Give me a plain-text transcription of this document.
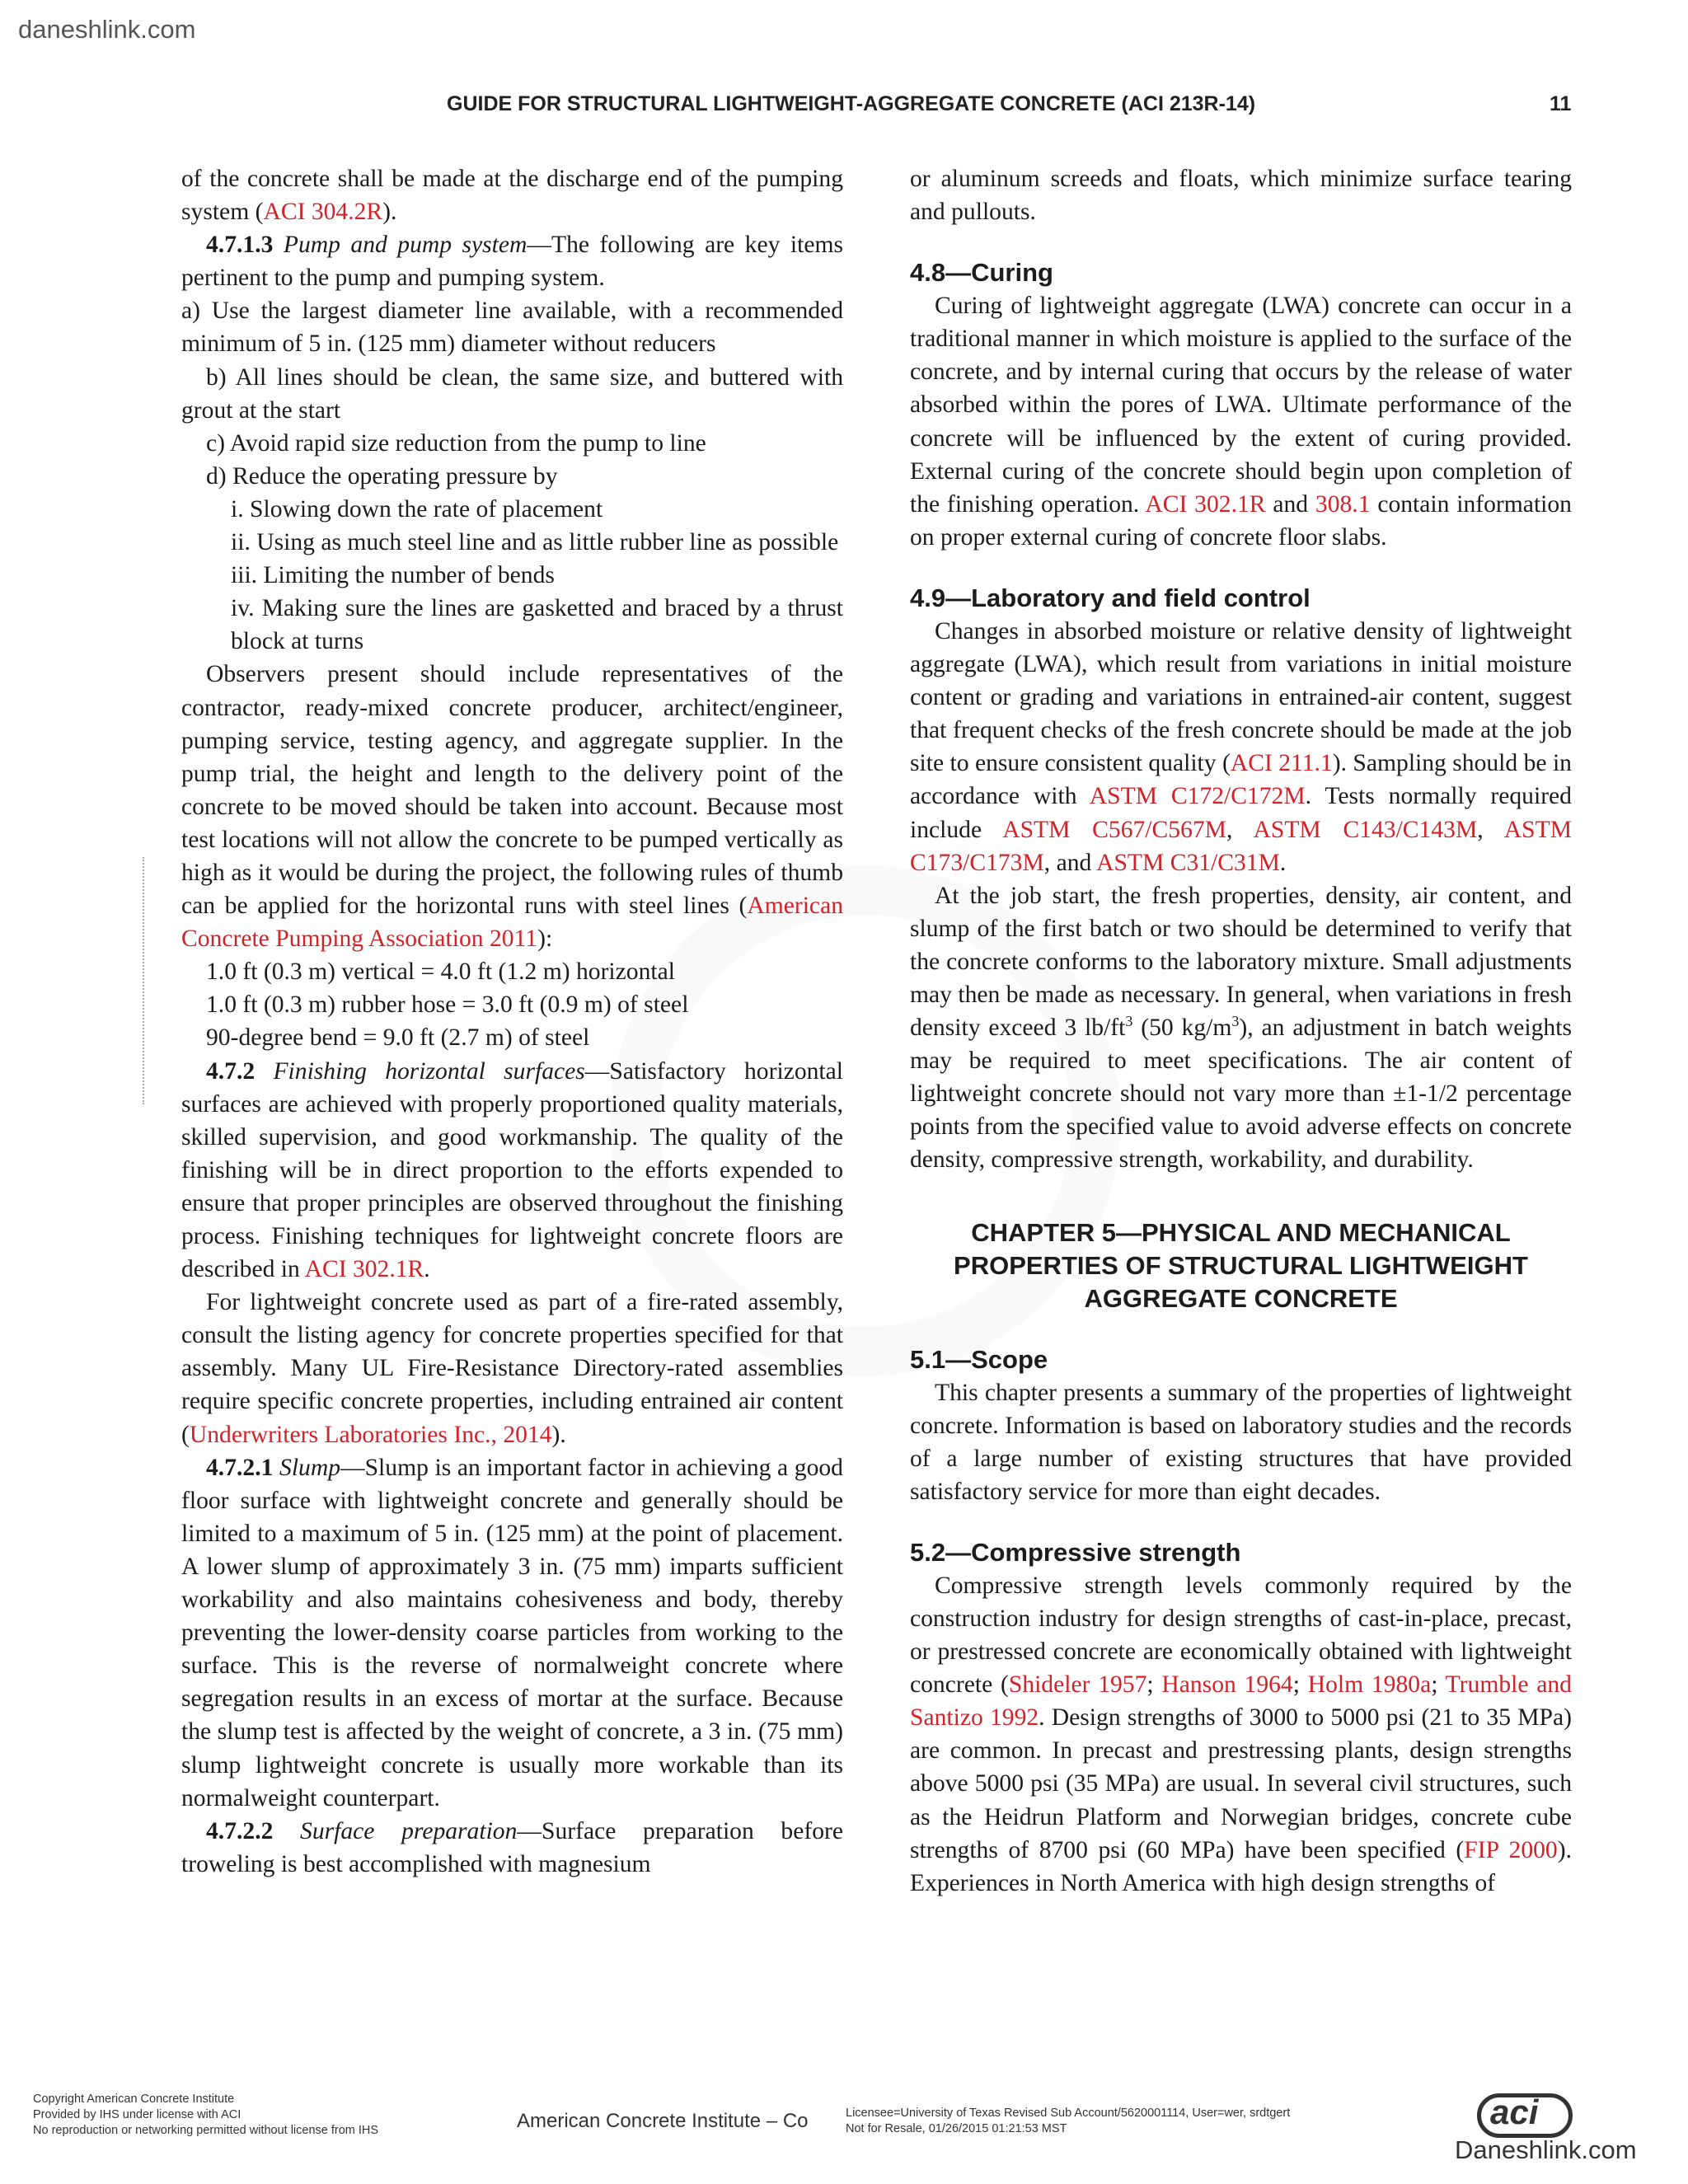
daneshlink.com
GUIDE FOR STRUCTURAL LIGHTWEIGHT-AGGREGATE CONCRETE (ACI 213R-14)	11

of the concrete shall be made at the discharge end of the pumping system (ACI 304.2R).

4.7.1.3 Pump and pump system—The following are key items pertinent to the pump and pumping system.

a) Use the largest diameter line available, with a recommended minimum of 5 in. (125 mm) diameter without reducers

b) All lines should be clean, the same size, and buttered with grout at the start

c) Avoid rapid size reduction from the pump to line

d) Reduce the operating pressure by

i. Slowing down the rate of placement

ii. Using as much steel line and as little rubber line as possible

iii. Limiting the number of bends

iv. Making sure the lines are gasketted and braced by a thrust block at turns

Observers present should include representatives of the contractor, ready-mixed concrete producer, architect/engineer, pumping service, testing agency, and aggregate supplier. In the pump trial, the height and length to the delivery point of the concrete to be moved should be taken into account. Because most test locations will not allow the concrete to be pumped vertically as high as it would be during the project, the following rules of thumb can be applied for the horizontal runs with steel lines (American Concrete Pumping Association 2011):

1.0 ft (0.3 m) vertical = 4.0 ft (1.2 m) horizontal

1.0 ft (0.3 m) rubber hose = 3.0 ft (0.9 m) of steel

90-degree bend = 9.0 ft (2.7 m) of steel

4.7.2 Finishing horizontal surfaces—Satisfactory horizontal surfaces are achieved with properly proportioned quality materials, skilled supervision, and good workmanship. The quality of the finishing will be in direct proportion to the efforts expended to ensure that proper principles are observed throughout the finishing process. Finishing techniques for lightweight concrete floors are described in ACI 302.1R.

For lightweight concrete used as part of a fire-rated assembly, consult the listing agency for concrete properties specified for that assembly. Many UL Fire-Resistance Directory-rated assemblies require specific concrete properties, including entrained air content (Underwriters Laboratories Inc., 2014).

4.7.2.1 Slump—Slump is an important factor in achieving a good floor surface with lightweight concrete and generally should be limited to a maximum of 5 in. (125 mm) at the point of placement. A lower slump of approximately 3 in. (75 mm) imparts sufficient workability and also maintains cohesiveness and body, thereby preventing the lower-density coarse particles from working to the surface. This is the reverse of normalweight concrete where segregation results in an excess of mortar at the surface. Because the slump test is affected by the weight of concrete, a 3 in. (75 mm) slump lightweight concrete is usually more workable than its normalweight counterpart.

4.7.2.2 Surface preparation—Surface preparation before troweling is best accomplished with magnesium

or aluminum screeds and floats, which minimize surface tearing and pullouts.

4.8—Curing

Curing of lightweight aggregate (LWA) concrete can occur in a traditional manner in which moisture is applied to the surface of the concrete, and by internal curing that occurs by the release of water absorbed within the pores of LWA. Ultimate performance of the concrete will be influenced by the extent of curing provided. External curing of the concrete should begin upon completion of the finishing operation. ACI 302.1R and 308.1 contain information on proper external curing of concrete floor slabs.

4.9—Laboratory and field control

Changes in absorbed moisture or relative density of lightweight aggregate (LWA), which result from variations in initial moisture content or grading and variations in entrained-air content, suggest that frequent checks of the fresh concrete should be made at the job site to ensure consistent quality (ACI 211.1). Sampling should be in accordance with ASTM C172/C172M. Tests normally required include ASTM C567/C567M, ASTM C143/C143M, ASTM C173/C173M, and ASTM C31/C31M.

At the job start, the fresh properties, density, air content, and slump of the first batch or two should be determined to verify that the concrete conforms to the laboratory mixture. Small adjustments may then be made as necessary. In general, when variations in fresh density exceed 3 $lb/ft^3$ (50 $kg/m^3$), an adjustment in batch weights may be required to meet specifications. The air content of lightweight concrete should not vary more than ±1-1/2 percentage points from the specified value to avoid adverse effects on concrete density, compressive strength, workability, and durability.

CHAPTER 5—PHYSICAL AND MECHANICAL
PROPERTIES OF STRUCTURAL LIGHTWEIGHT
AGGREGATE CONCRETE
5.1—Scope

This chapter presents a summary of the properties of lightweight concrete. Information is based on laboratory studies and the records of a large number of existing structures that have provided satisfactory service for more than eight decades.

5.2—Compressive strength

Compressive strength levels commonly required by the construction industry for design strengths of cast-in-place, precast, or prestressed concrete are economically obtained with lightweight concrete (Shideler 1957; Hanson 1964; Holm 1980a; Trumble and Santizo 1992. Design strengths of 3000 to 5000 psi (21 to 35 MPa) are common. In precast and prestressing plants, design strengths above 5000 psi (35 MPa) are usual. In several civil structures, such as the Heidrun Platform and Norwegian bridges, concrete cube strengths of 8700 psi (60 MPa) have been specified (FIP 2000). Experiences in North America with high design strengths of

Copyright American Concrete Institute
Provided by IHS under license with ACI
No reproduction or networking permitted without license from IHS	American Concrete Institute – Co	Licensee=University of Texas Revised Sub Account/5620001114, User=wer, srdtgert
Not for Resale, 01/26/2015 01:21:53 MST	aci
Daneshlink.com
